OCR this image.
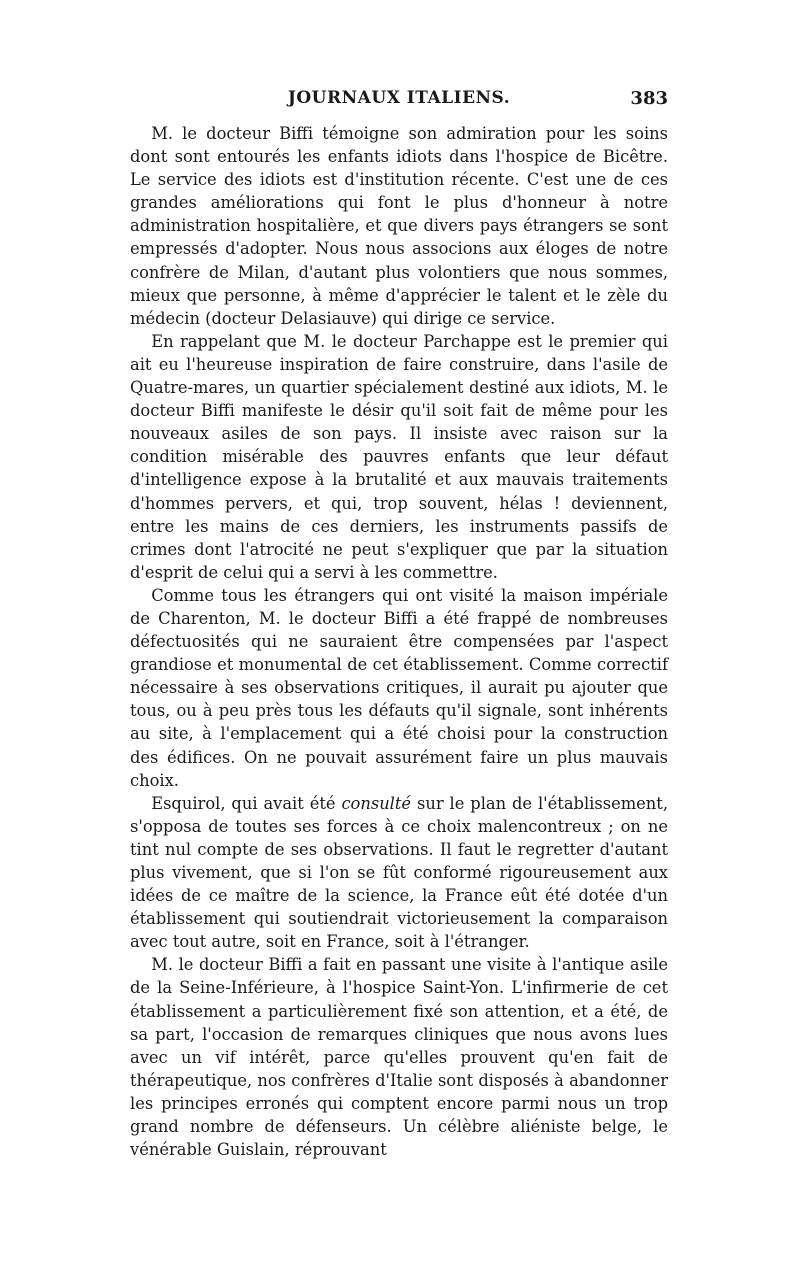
JOURNAUX ITALIENS.	383

M. le docteur Biffi témoigne son admiration pour les soins dont sont entourés les enfants idiots dans l'hospice de Bicêtre. Le service des idiots est d'institution récente. C'est une de ces grandes améliorations qui font le plus d'honneur à notre administration hospitalière, et que divers pays étrangers se sont empressés d'adopter. Nous nous associons aux éloges de notre confrère de Milan, d'autant plus volontiers que nous sommes, mieux que personne, à même d'apprécier le talent et le zèle du médecin (docteur Delasiauve) qui dirige ce service.

En rappelant que M. le docteur Parchappe est le premier qui ait eu l'heureuse inspiration de faire construire, dans l'asile de Quatre-mares, un quartier spécialement destiné aux idiots, M. le docteur Biffi manifeste le désir qu'il soit fait de même pour les nouveaux asiles de son pays. Il insiste avec raison sur la condition misérable des pauvres enfants que leur défaut d'intelligence expose à la brutalité et aux mauvais traitements d'hommes pervers, et qui, trop souvent, hélas ! deviennent, entre les mains de ces derniers, les instruments passifs de crimes dont l'atrocité ne peut s'expliquer que par la situation d'esprit de celui qui a servi à les commettre.

Comme tous les étrangers qui ont visité la maison impériale de Charenton, M. le docteur Biffi a été frappé de nombreuses défectuosités qui ne sauraient être compensées par l'aspect grandiose et monumental de cet établissement. Comme correctif nécessaire à ses observations critiques, il aurait pu ajouter que tous, ou à peu près tous les défauts qu'il signale, sont inhérents au site, à l'emplacement qui a été choisi pour la construction des édifices. On ne pouvait assurément faire un plus mauvais choix.

Esquirol, qui avait été consulté sur le plan de l'établissement, s'opposa de toutes ses forces à ce choix malencontreux ; on ne tint nul compte de ses observations. Il faut le regretter d'autant plus vivement, que si l'on se fût conformé rigoureusement aux idées de ce maître de la science, la France eût été dotée d'un établissement qui soutiendrait victorieusement la comparaison avec tout autre, soit en France, soit à l'étranger.

M. le docteur Biffi a fait en passant une visite à l'antique asile de la Seine-Inférieure, à l'hospice Saint-Yon. L'infirmerie de cet établissement a particulièrement fixé son attention, et a été, de sa part, l'occasion de remarques cliniques que nous avons lues avec un vif intérêt, parce qu'elles prouvent qu'en fait de thérapeutique, nos confrères d'Italie sont disposés à abandonner les principes erronés qui comptent encore parmi nous un trop grand nombre de défenseurs. Un célèbre aliéniste belge, le vénérable Guislain, réprouvant
